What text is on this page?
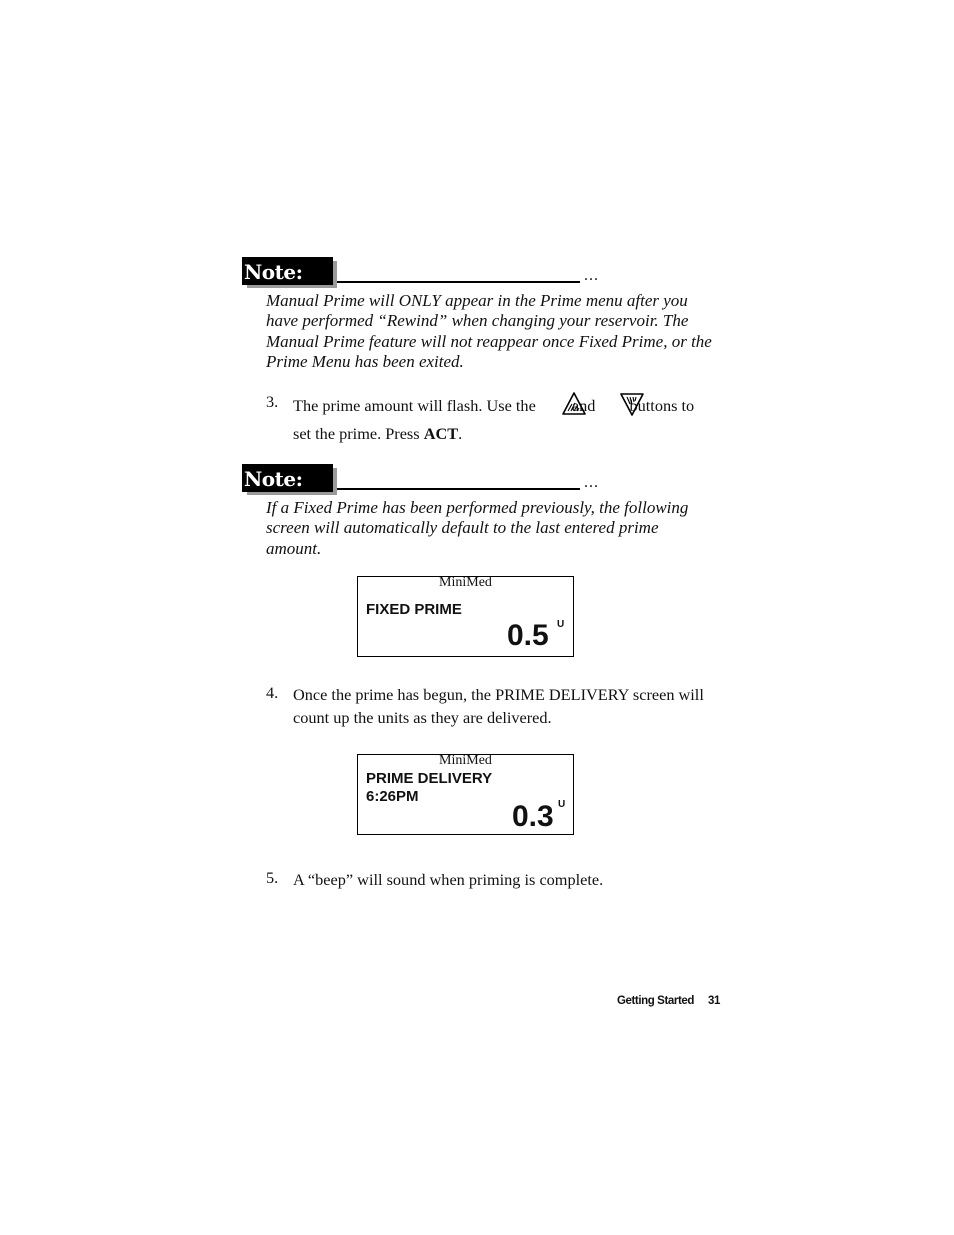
Note:	...
Manual Prime will ONLY appear in the Prime menu after you
have performed “Rewind” when changing your reservoir. The
Manual Prime feature will not reappear once Fixed Prime, or the
Prime Menu has been exited.
3. The prime amount will flash. Use the and buttons to
set the prime. Press ACT.
Note:	...
If a Fixed Prime has been performed previously, the following
screen will automatically default to the last entered prime
amount.
MiniMed
FIXED PRIME
0.5 U
4. Once the prime has begun, the PRIME DELIVERY screen will
count up the units as they are delivered.
MiniMed
PRIME DELIVERY
6:26PM
0.3 U
5. A “beep” will sound when priming is complete.
Getting Started 31
